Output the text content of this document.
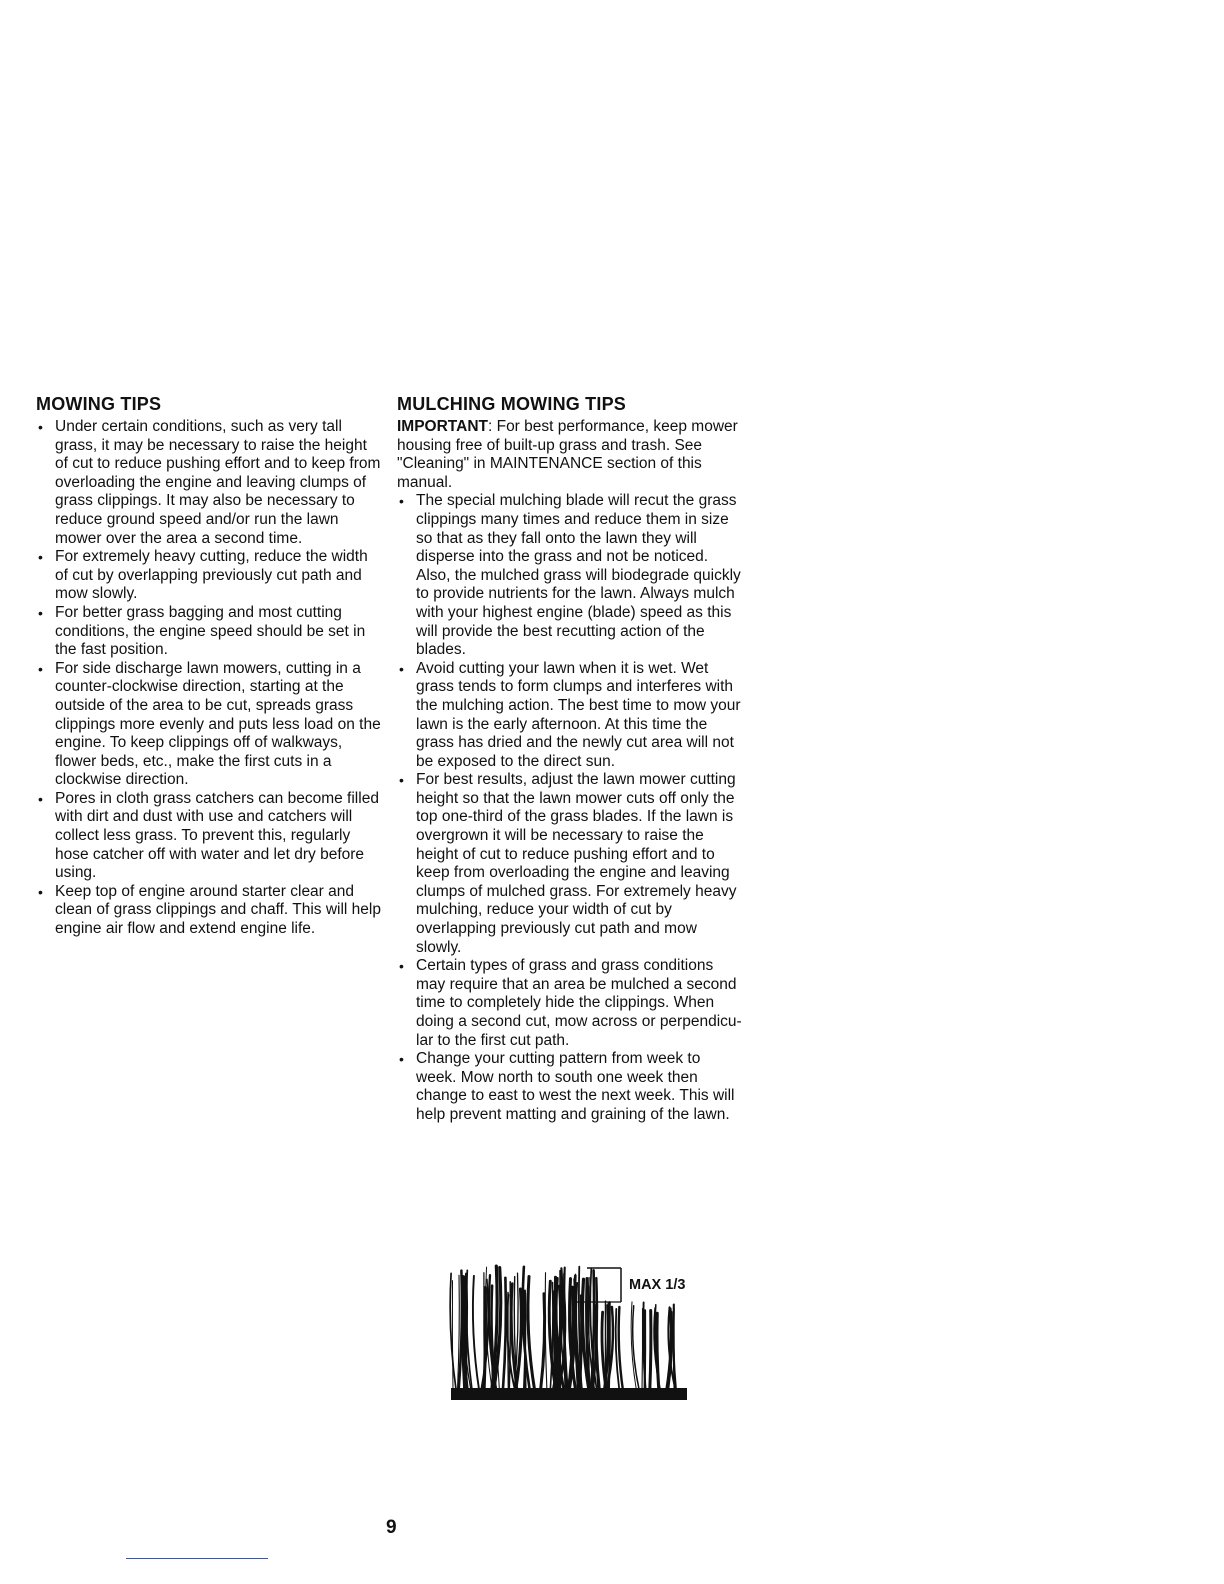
MOWING TIPS
• Under certain conditions, such as very tall grass, it may be necessary to raise the height of cut to reduce pushing effort and to keep from overloading the engine and leaving clumps of grass clippings. It may also be necessary to reduce ground speed and/or run the lawn mower over the area a second time.
• For extremely heavy cutting, reduce the width of cut by overlapping previously cut path and mow slowly.
• For better grass bagging and most cutting conditions, the engine speed should be set in the fast position.
• For side discharge lawn mowers, cutting in a counter-clockwise direction, starting at the outside of the area to be cut, spreads grass clippings more evenly and puts less load on the engine. To keep clippings off of walkways, flower beds, etc., make the first cuts in a clockwise direction.
• Pores in cloth grass catchers can become filled with dirt and dust with use and catchers will collect less grass. To prevent this, regularly hose catcher off with water and let dry before using.
• Keep top of engine around starter clear and clean of grass clippings and chaff. This will help engine air flow and extend engine life.
MULCHING MOWING TIPS

IMPORTANT: For best performance, keep mower housing free of built-up grass and trash. See "Cleaning" in MAINTENANCE section of this manual.

• The special mulching blade will recut the grass clippings many times and reduce them in size so that as they fall onto the lawn they will disperse into the grass and not be noticed. Also, the mulched grass will biodegrade quickly to provide nutrients for the lawn. Always mulch with your highest engine (blade) speed as this will provide the best recutting action of the blades.
• Avoid cutting your lawn when it is wet. Wet grass tends to form clumps and interferes with the mulching action. The best time to mow your lawn is the early afternoon. At this time the grass has dried and the newly cut area will not be exposed to the direct sun.
• For best results, adjust the lawn mower cutting height so that the lawn mower cuts off only the top one-third of the grass blades. If the lawn is overgrown it will be necessary to raise the height of cut to reduce pushing effort and to keep from overloading the engine and leaving clumps of mulched grass. For extremely heavy mulching, reduce your width of cut by overlapping previously cut path and mow slowly.
• Certain types of grass and grass conditions may require that an area be mulched a second time to completely hide the clippings. When doing a second cut, mow across or perpendicu-lar to the first cut path.
• Change your cutting pattern from week to week. Mow north to south one week then change to east to west the next week. This will help prevent matting and graining of the lawn.
MAX 1/3
9
